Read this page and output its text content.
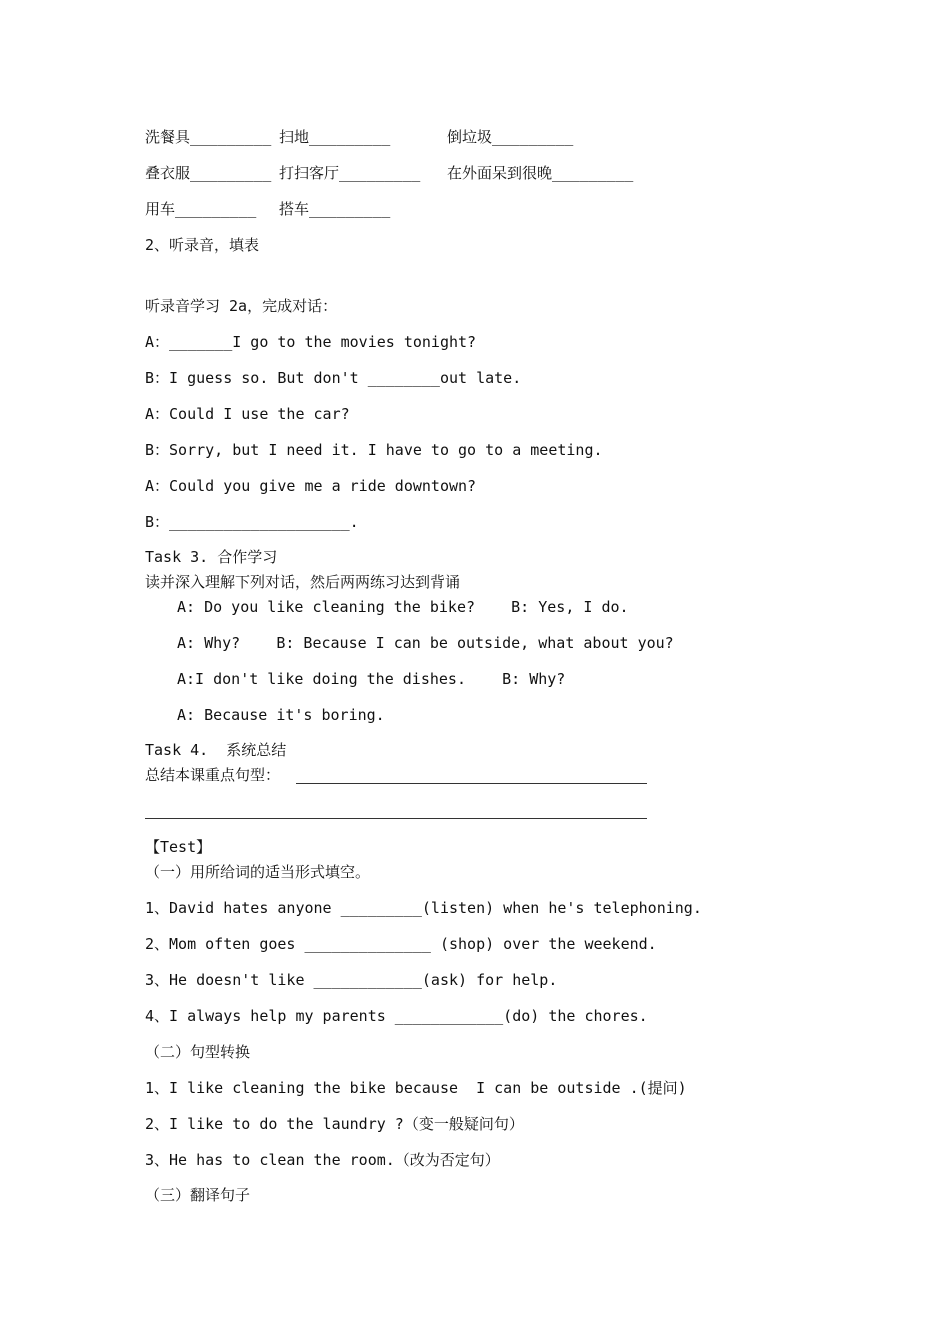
洗餐具_________ 扫地_________	倒垃圾_________
叠衣服_________ 打扫客厅_________ 在外面呆到很晚_________
用车_________ 搭车_________
2、听录音，填表
听录音学习 2a，完成对话：
A：_______I go to the movies tonight?
B：I guess so. But don't ________out late.
A：Could I use the car?
B：Sorry, but I need it. I have to go to a meeting.
A：Could you give me a ride downtown?
B：____________________.
Task 3. 合作学习
读并深入理解下列对话，然后两两练习达到背诵
A: Do you like cleaning the bike?    B: Yes, I do.
A: Why?    B: Because I can be outside, what about you?
A:I don't like doing the dishes.    B: Why?
A: Because it's boring.
Task 4.  系统总结
总结本课重点句型：
【Test】
（一）用所给词的适当形式填空。
1、David hates anyone _________(listen) when he's telephoning.
2、Mom often goes ______________ (shop) over the weekend.
3、He doesn't like ____________(ask) for help.
4、I always help my parents ____________(do) the chores.
（二）句型转换
1、I like cleaning the bike because  I can be outside .(提问)
2、I like to do the laundry ?（变一般疑问句）
3、He has to clean the room.（改为否定句）
（三）翻译句子
